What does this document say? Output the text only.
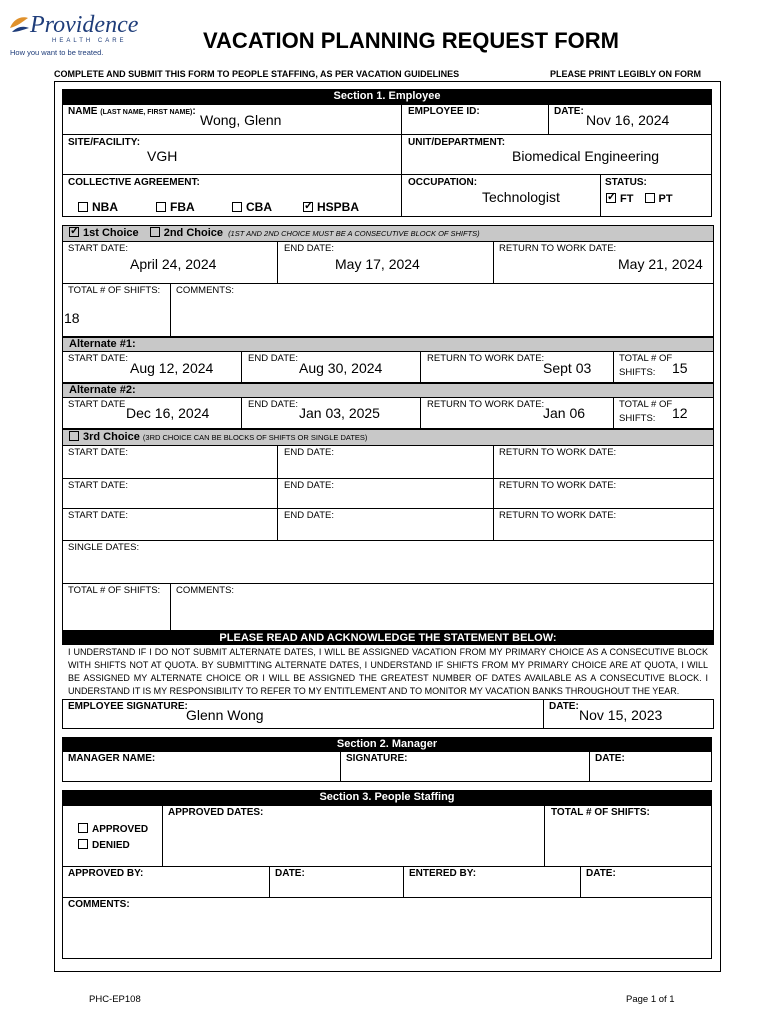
Providence
HEALTH CARE
How you want to be treated.	VACATION PLANNING REQUEST FORM
COMPLETE AND SUBMIT THIS FORM TO PEOPLE STAFFING, AS PER VACATION GUIDELINES	PLEASE PRINT LEGIBLY ON FORM
Section 1. Employee
NAME (LAST NAME, FIRST NAME):
Wong, Glenn
EMPLOYEE ID:	DATE:
Nov 16, 2024
SITE/FACILITY:
VGH
UNIT/DEPARTMENT:
Biomedical Engineering
COLLECTIVE AGREEMENT:
NBA	FBA	CBA
✓	HSPBA
OCCUPATION:
Technologist
STATUS:
✓FT PT
✓1st Choice 2nd Choice (1ST AND 2ND CHOICE MUST BE A CONSECUTIVE BLOCK OF SHIFTS)
START DATE:
April 24, 2024
END DATE:
May 17, 2024
RETURN TO WORK DATE:
May 21, 2024
TOTAL # OF SHIFTS:
18
COMMENTS:
Alternate #1:
START DATE:
Aug 12, 2024
END DATE:
Aug 30, 2024
RETURN TO WORK DATE:
Sept 03
TOTAL # OF
SHIFTS: 15
Alternate #2:
START DATE
Dec 16, 2024
END DATE:
Jan 03, 2025
RETURN TO WORK DATE:
Jan 06
TOTAL # OF
SHIFTS: 12
3rd Choice (3RD CHOICE CAN BE BLOCKS OF SHIFTS OR SINGLE DATES)
START DATE:	END DATE:	RETURN TO WORK DATE:
START DATE:	END DATE:	RETURN TO WORK DATE:
START DATE:	END DATE:	RETURN TO WORK DATE:
SINGLE DATES:
TOTAL # OF SHIFTS: COMMENTS:
PLEASE READ AND ACKNOWLEDGE THE STATEMENT BELOW:
I UNDERSTAND IF I DO NOT SUBMIT ALTERNATE DATES, I WILL BE ASSIGNED VACATION FROM MY PRIMARY CHOICE AS A CONSECUTIVE BLOCK WITH SHIFTS NOT AT QUOTA. BY SUBMITTING ALTERNATE DATES, I UNDERSTAND IF SHIFTS FROM MY PRIMARY CHOICE ARE AT QUOTA, I WILL BE ASSIGNED MY ALTERNATE CHOICE OR I WILL BE ASSIGNED THE GREATEST NUMBER OF DATES AVAILABLE AS A CONSECUTIVE BLOCK. I UNDERSTAND IT IS MY RESPONSIBILITY TO REFER TO MY ENTITLEMENT AND TO MONITOR MY VACATION BANKS THROUGHOUT THE YEAR.
EMPLOYEE SIGNATURE:
Glenn Wong
DATE:
Nov 15, 2023
Section 2. Manager
MANAGER NAME:	SIGNATURE:	DATE:
Section 3. People Staffing
APPROVED
DENIED
APPROVED DATES:	TOTAL # OF SHIFTS:
APPROVED BY:	DATE:	ENTERED BY:	DATE:
COMMENTS:
PHC-EP108	Page 1 of 1
